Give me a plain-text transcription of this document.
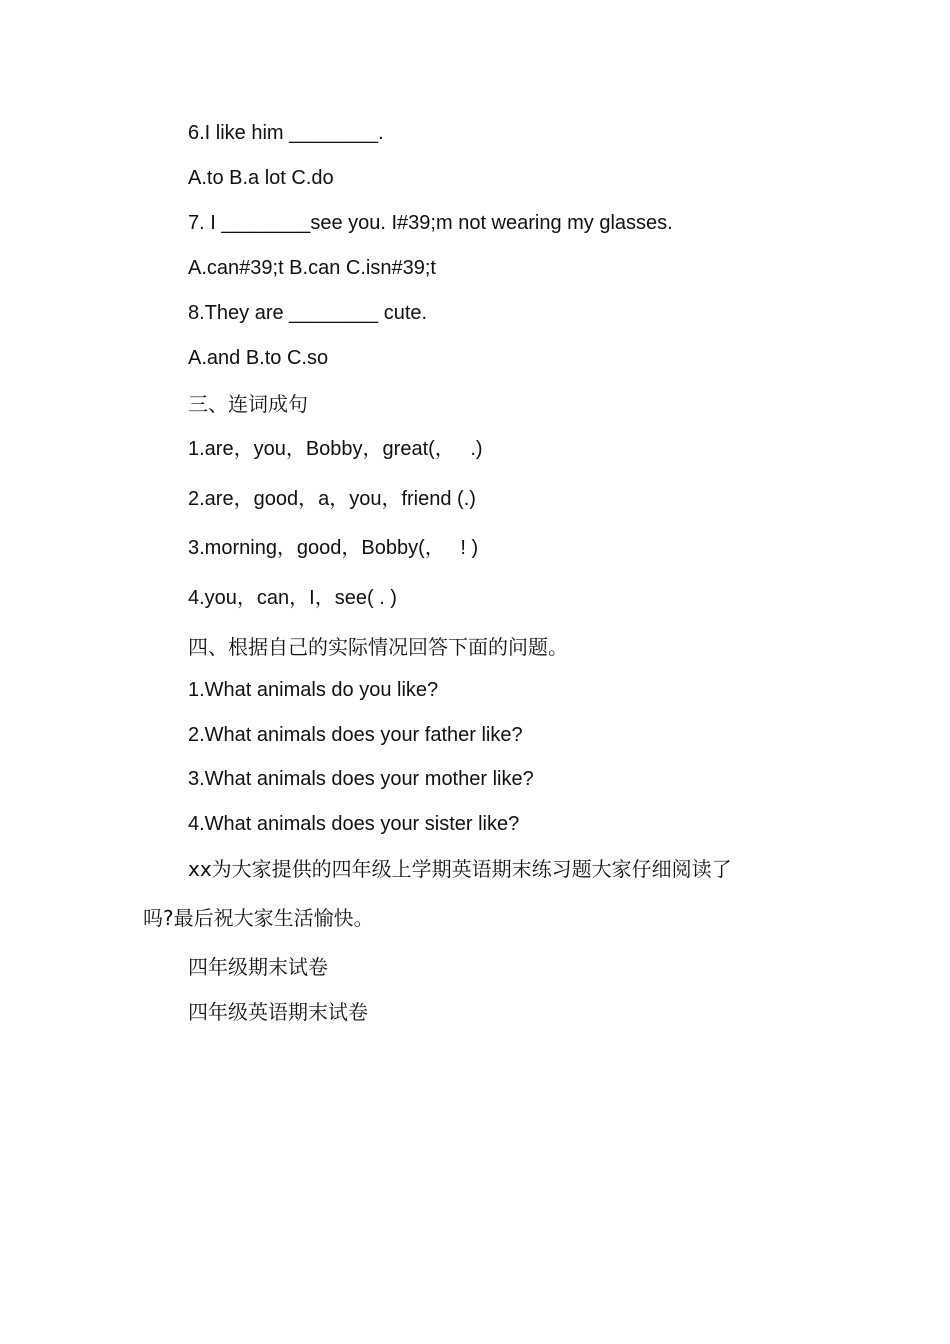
6.I like him ________.
A.to B.a lot C.do
7. I ________see you. I#39;m not wearing my glasses.
A.can#39;t B.can C.isn#39;t
8.They are ________ cute.
A.and B.to C.so
三、连词成句
1.are，you，Bobby，great(，　 .)
2.are，good，a，you，friend (.)
3.morning，good，Bobby(，　 ! )
4.you，can，I，see( . )
四、根据自己的实际情况回答下面的问题。
1.What animals do you like?
2.What animals does your father like?
3.What animals does your mother like?
4.What animals does your sister like?
xx为大家提供的四年级上学期英语期末练习题大家仔细阅读了
吗?最后祝大家生活愉快。
四年级期末试卷
四年级英语期末试卷
